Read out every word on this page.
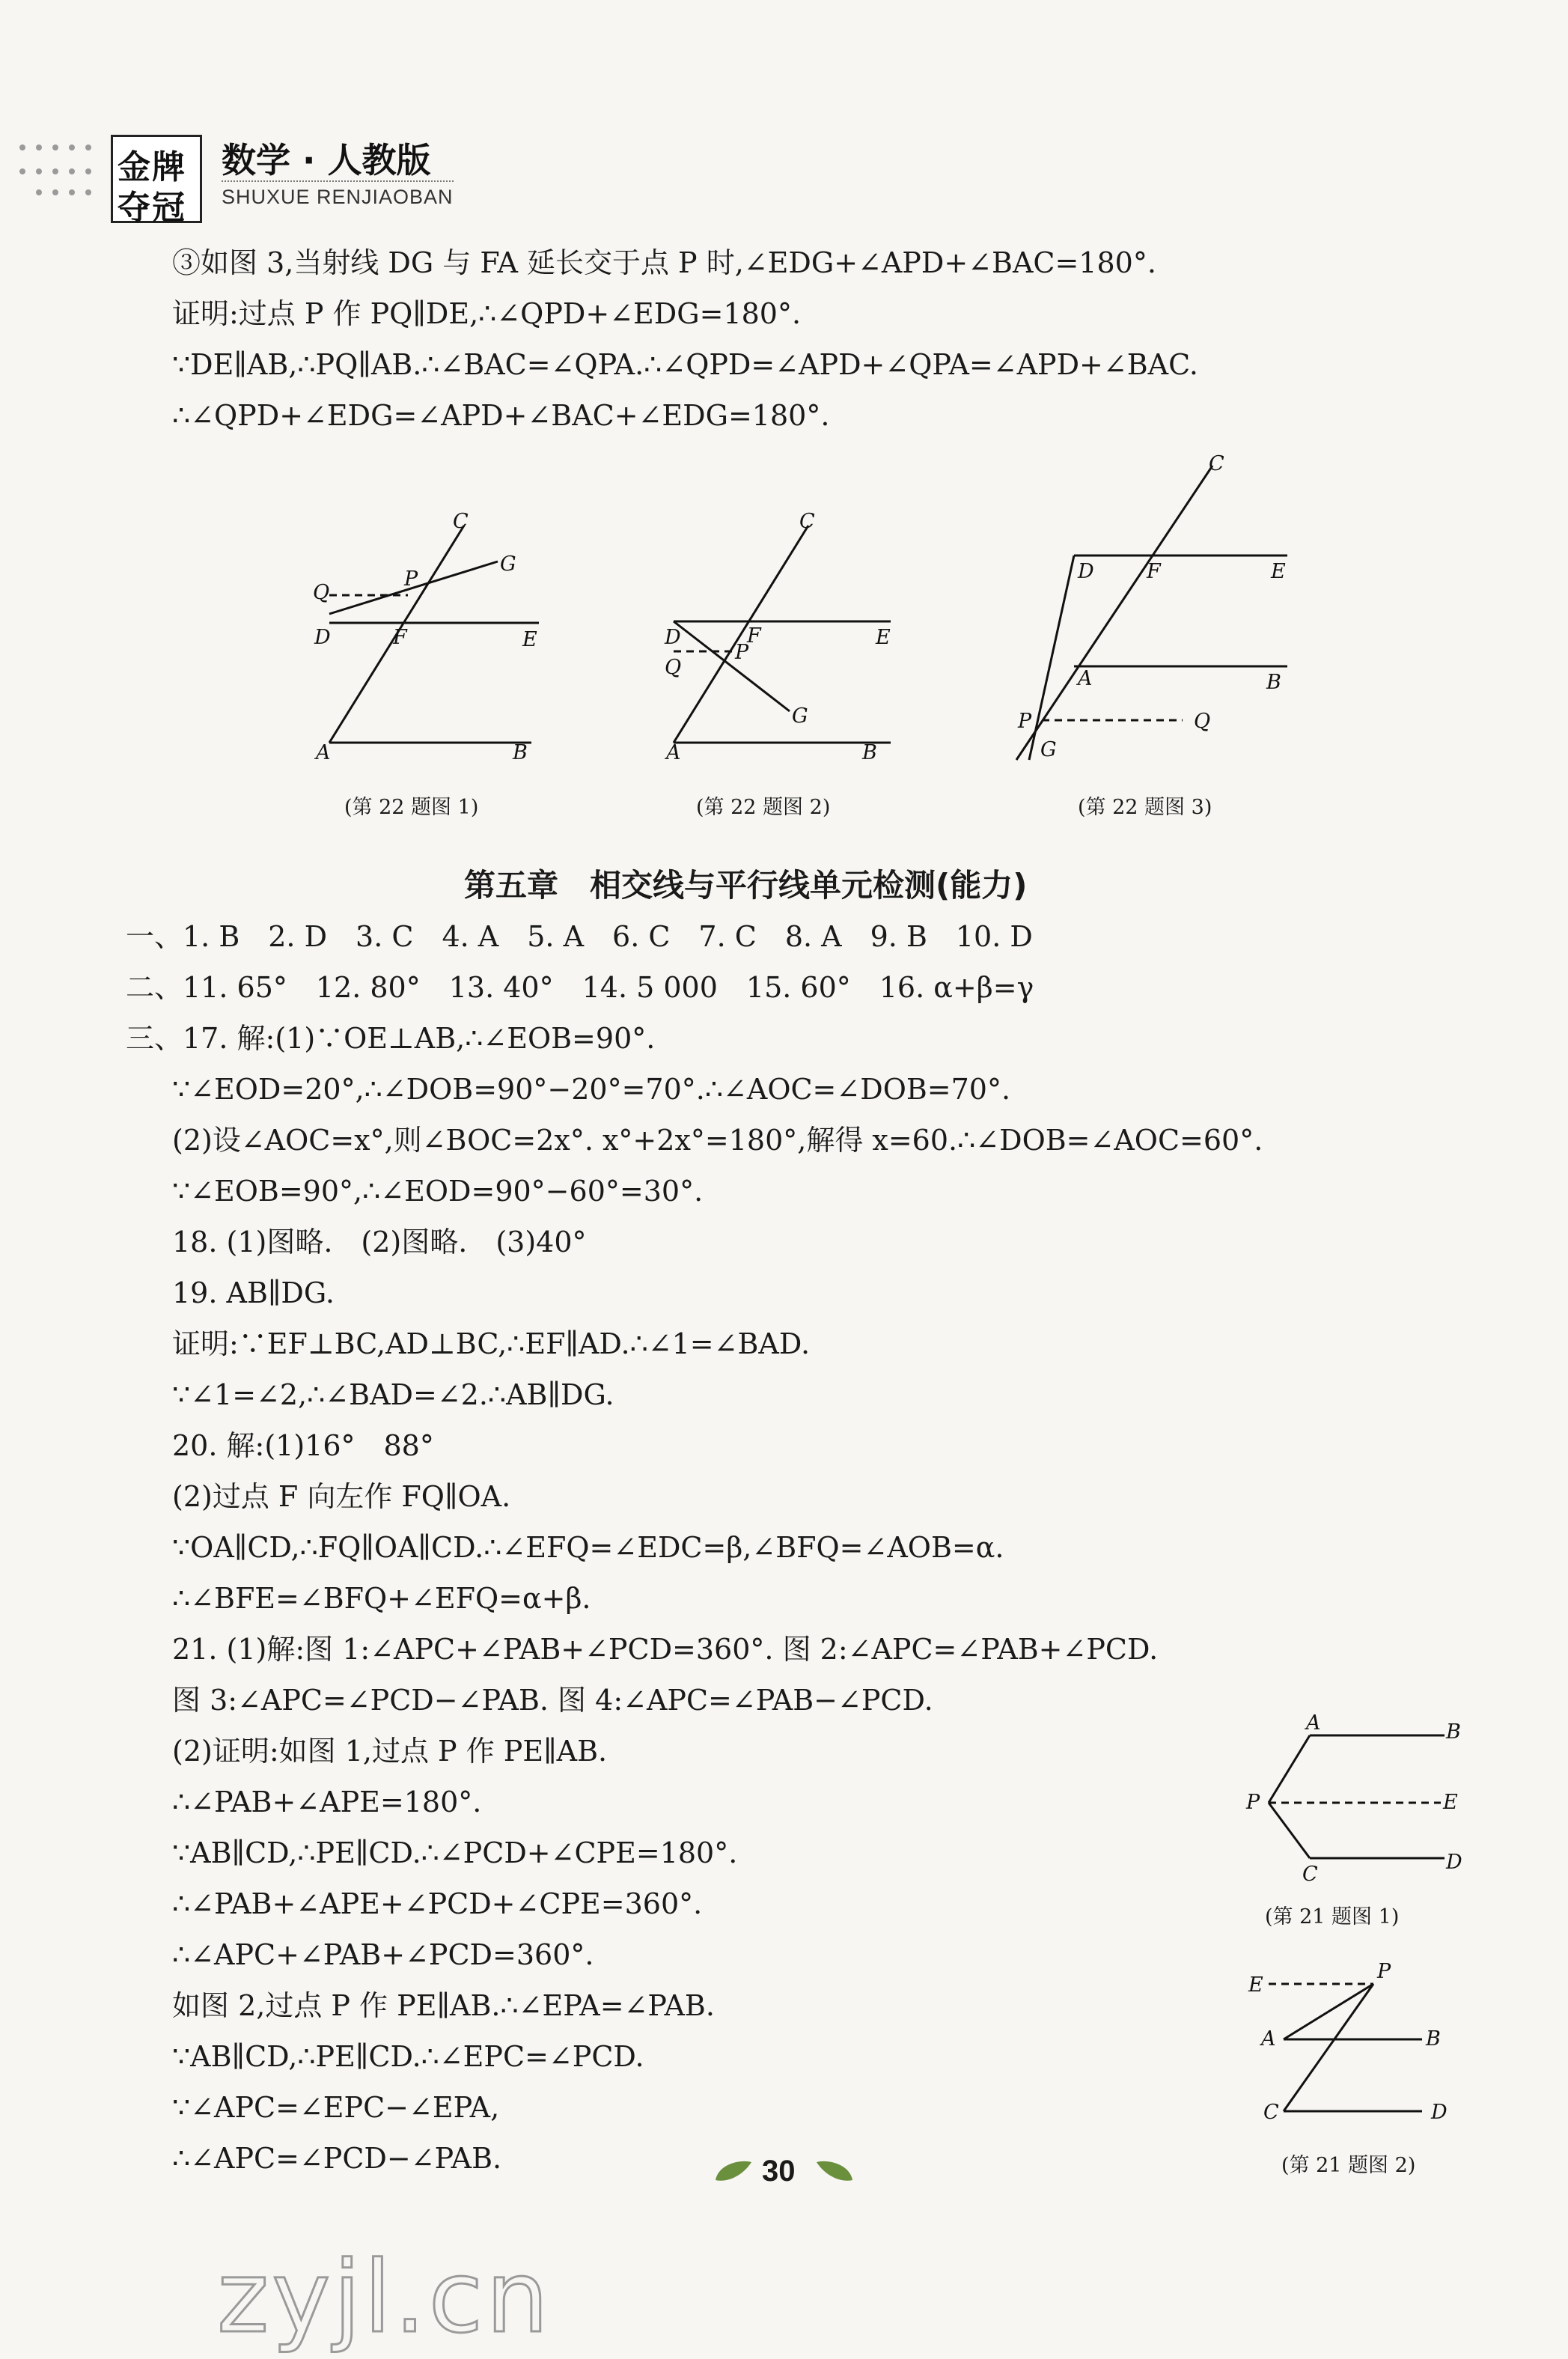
金牌
夺冠
数学 · 人教版
SHUXUE RENJIAOBAN
③如图 3,当射线 DG 与 FA 延长交于点 P 时,∠EDG+∠APD+∠BAC=180°.
证明:过点 P 作 PQ∥DE,∴∠QPD+∠EDG=180°.
∵DE∥AB,∴PQ∥AB.∴∠BAC=∠QPA.∴∠QPD=∠APD+∠QPA=∠APD+∠BAC.
∴∠QPD+∠EDG=∠APD+∠BAC+∠EDG=180°.
Q
D	F
P
C
G
E
A	B
(第 22 题图 1)
D	F
P
Q
C
E
G
A	B
(第 22 题图 2)
D	F	E
C
A	B
P	Q
G
(第 22 题图 3)
第五章　相交线与平行线单元检测(能力)
一、1. B　2. D　3. C　4. A　5. A　6. C　7. C　8. A　9. B　10. D
二、11. 65°　12. 80°　13. 40°　14. 5 000　15. 60°　16. α+β=γ
三、17. 解:(1)∵OE⊥AB,∴∠EOB=90°.
∵∠EOD=20°,∴∠DOB=90°−20°=70°.∴∠AOC=∠DOB=70°.
(2)设∠AOC=x°,则∠BOC=2x°. x°+2x°=180°,解得 x=60.∴∠DOB=∠AOC=60°.
∵∠EOB=90°,∴∠EOD=90°−60°=30°.
18. (1)图略.　(2)图略.　(3)40°
19. AB∥DG.
证明:∵EF⊥BC,AD⊥BC,∴EF∥AD.∴∠1=∠BAD.
∵∠1=∠2,∴∠BAD=∠2.∴AB∥DG.
20. 解:(1)16°　88°
(2)过点 F 向左作 FQ∥OA.
∵OA∥CD,∴FQ∥OA∥CD.∴∠EFQ=∠EDC=β,∠BFQ=∠AOB=α.
∴∠BFE=∠BFQ+∠EFQ=α+β.
21. (1)解:图 1:∠APC+∠PAB+∠PCD=360°. 图 2:∠APC=∠PAB+∠PCD.
图 3:∠APC=∠PCD−∠PAB. 图 4:∠APC=∠PAB−∠PCD.
(2)证明:如图 1,过点 P 作 PE∥AB.
∴∠PAB+∠APE=180°.
∵AB∥CD,∴PE∥CD.∴∠PCD+∠CPE=180°.
∴∠PAB+∠APE+∠PCD+∠CPE=360°.
∴∠APC+∠PAB+∠PCD=360°.
如图 2,过点 P 作 PE∥AB.∴∠EPA=∠PAB.
∵AB∥CD,∴PE∥CD.∴∠EPC=∠PCD.
∵∠APC=∠EPC−∠EPA,
∴∠APC=∠PCD−∠PAB.
A	B
P	E
C
D
(第 21 题图 1)
E
P
A	B
C	D
(第 21 题图 2)
30
zyjl.cn
